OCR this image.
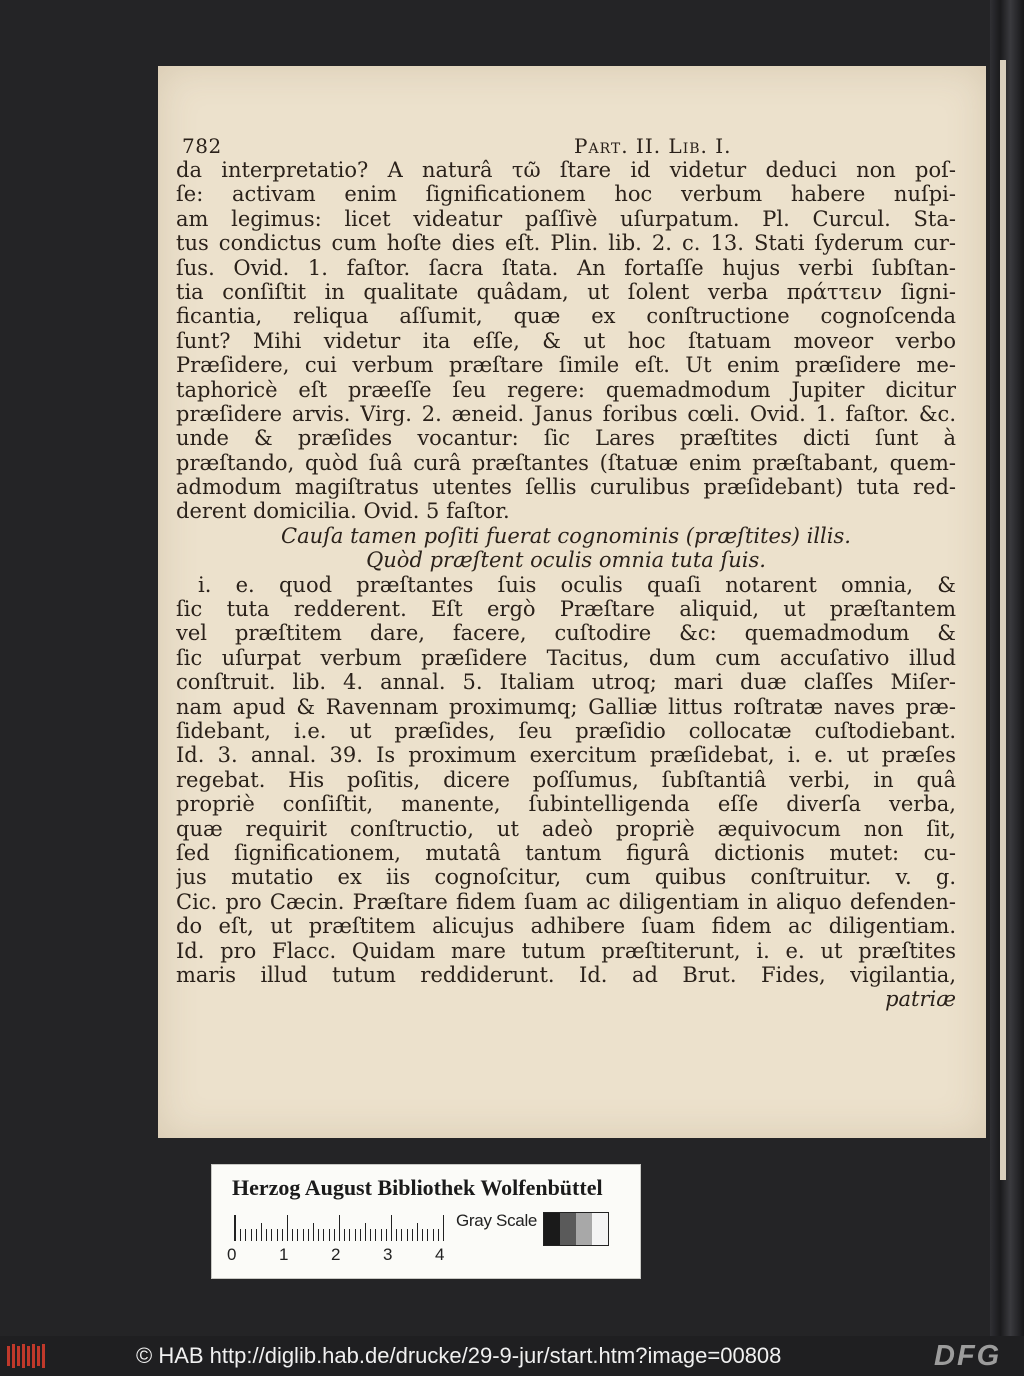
782	Part. II. Lib. I.
da interpretatio? A naturâ τῶ ſtare id videtur deduci non poſ-
ſe: activam enim ſignificationem hoc verbum habere nuſpi-
am legimus: licet videatur paſſivè uſurpatum. Pl. Curcul. Sta-
tus condictus cum hoſte dies eſt. Plin. lib. 2. c. 13. Stati ſyderum cur-
ſus. Ovid. 1. faſtor. ſacra ſtata. An fortaſſe hujus verbi ſubſtan-
tia conſiſtit in qualitate quâdam, ut ſolent verba πράττειν ſigni-
ficantia, reliqua aſſumit, quæ ex conſtructione cognoſcenda
ſunt? Mihi videtur ita eſſe, & ut hoc ſtatuam moveor verbo
Præſidere, cui verbum præſtare ſimile eſt. Ut enim præſidere me-
taphoricè eſt præeſſe ſeu regere: quemadmodum Jupiter dicitur
præſidere arvis. Virg. 2. æneid. Janus foribus cœli. Ovid. 1. faſtor. &c.
unde & præſides vocantur: ſic Lares præſtites dicti ſunt à
præſtando, quòd ſuâ curâ præſtantes (ſtatuæ enim præſtabant, quem-
admodum magiſtratus utentes ſellis curulibus præſidebant) tuta red-
derent domicilia. Ovid. 5 faſtor.
Cauſa tamen poſiti fuerat cognominis (præſtites) illis.
Quòd præſtent oculis omnia tuta ſuis.
i. e. quod præſtantes ſuis oculis quaſi notarent omnia, &
ſic tuta redderent. Eſt ergò Præſtare aliquid, ut præſtantem
vel præſtitem dare, facere, cuſtodire &c: quemadmodum &
ſic uſurpat verbum præſidere Tacitus, dum cum accuſativo illud
conſtruit. lib. 4. annal. 5. Italiam utroq; mari duæ claſſes Miſer-
nam apud & Ravennam proximumq; Galliæ littus roſtratæ naves præ-
ſidebant, i.e. ut præſides, ſeu præſidio collocatæ cuſtodiebant.
Id. 3. annal. 39. Is proximum exercitum præſidebat, i. e. ut præſes
regebat. His poſitis, dicere poſſumus, ſubſtantiâ verbi, in quâ
propriè conſiſtit, manente, ſubintelligenda eſſe diverſa verba,
quæ requirit conſtructio, ut adeò propriè æquivocum non ſit,
ſed ſignificationem, mutatâ tantum figurâ dictionis mutet: cu-
jus mutatio ex iis cognoſcitur, cum quibus conſtruitur. v. g.
Cic. pro Cæcin. Præſtare fidem ſuam ac diligentiam in aliquo defenden-
do eſt, ut præſtitem alicujus adhibere ſuam fidem ac diligentiam.
Id. pro Flacc. Quidam mare tutum præſtiterunt, i. e. ut præſtites
maris illud tutum reddiderunt. Id. ad Brut. Fides, vigilantia,
patriæ
Herzog August Bibliothek Wolfenbüttel
0	1	2	3	4
Gray Scale
© HAB http://diglib.hab.de/drucke/29-9-jur/start.htm?image=00808	DFG
